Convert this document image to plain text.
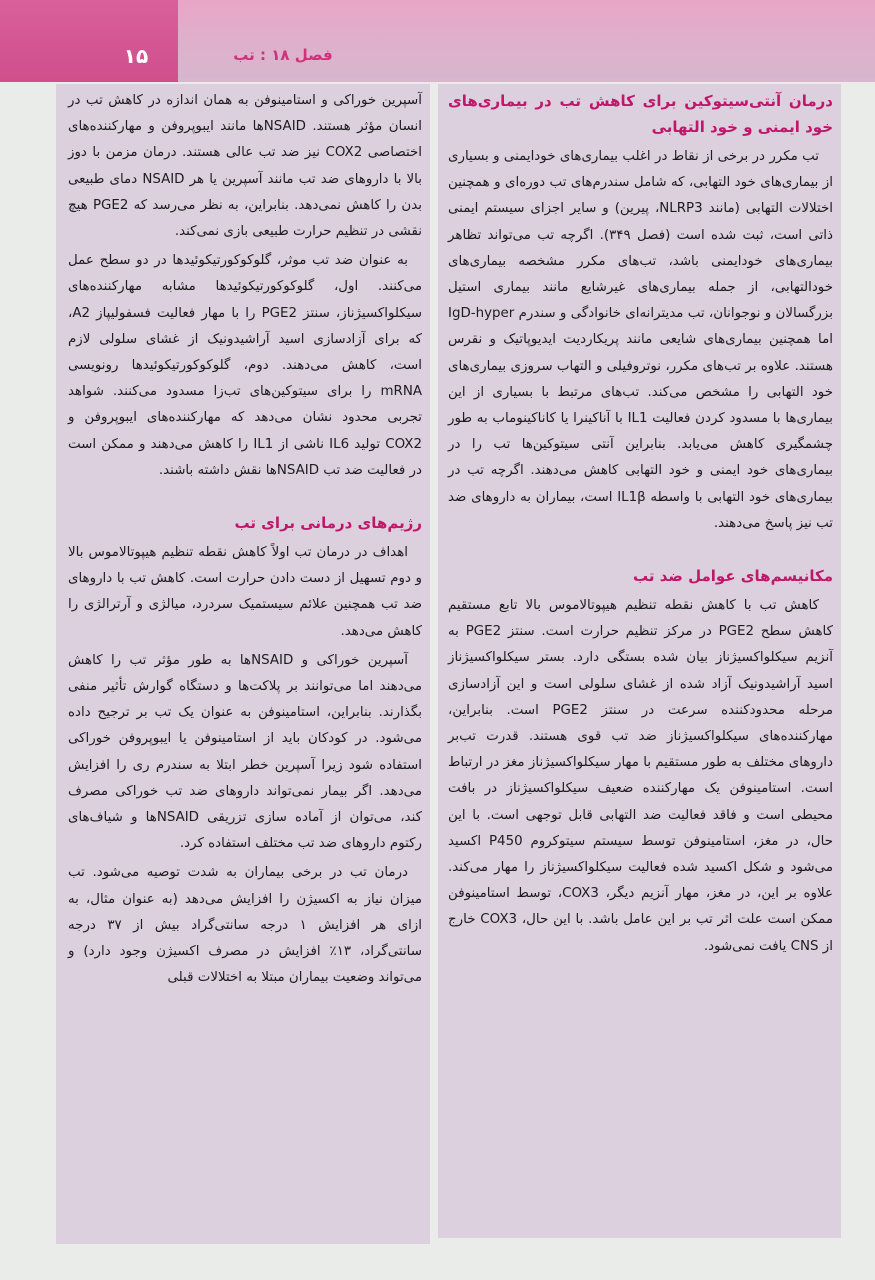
۱۵	فصل ۱۸ : تب
درمان آنتی‌سیتوکین برای کاهش تب در بیماری‌های خود ایمنی و خود التهابی

تب مکرر در برخی از نقاط در اغلب بیماری‌های خودایمنی و بسیاری از بیماری‌های خود التهابی، که شامل سندرم‌های تب دوره‌ای و همچنین اختلالات التهابی (مانند NLRP3، پیرین) و سایر اجزای سیستم ایمنی ذاتی است، ثبت شده است (فصل ۳۴۹). اگرچه تب می‌تواند تظاهر بیماری‌های خودایمنی باشد، تب‌های مکرر مشخصه بیماری‌های خودالتهابی، از جمله بیماری‌های غیرشایع مانند بیماری استیل بزرگسالان و نوجوانان، تب مدیترانه‌ای خانوادگی و سندرم IgD-hyper اما همچنین بیماری‌های شایعی مانند پریکاردیت ایدیوپاتیک و نقرس هستند. علاوه بر تب‌های مکرر، نوتروفیلی و التهاب سروزی بیماری‌های خود التهابی را مشخص می‌کند. تب‌های مرتبط با بسیاری از این بیماری‌ها با مسدود کردن فعالیت IL1 با آناکینرا یا کاناکینوماب به طور چشمگیری کاهش می‌یابد. بنابراین آنتی سیتوکین‌ها تب را در بیماری‌های خود ایمنی و خود التهابی کاهش می‌دهند. اگرچه تب در بیماری‌های خود التهابی با واسطه IL1β است، بیماران به داروهای ضد تب نیز پاسخ می‌دهند.

مکانیسم‌های عوامل ضد تب

کاهش تب با کاهش نقطه تنظیم هیپوتالاموس بالا تابع مستقیم کاهش سطح PGE2 در مرکز تنظیم حرارت است. سنتز PGE2 به آنزیم سیکلواکسیژناز بیان شده بستگی دارد. بستر سیکلواکسیژناز اسید آراشیدونیک آزاد شده از غشای سلولی است و این آزادسازی مرحله محدودکننده سرعت در سنتز PGE2 است. بنابراین، مهارکننده‌های سیکلواکسیژناز ضد تب قوی هستند. قدرت تب‌بر داروهای مختلف به طور مستقیم با مهار سیکلواکسیژناز مغز در ارتباط است. استامینوفن یک مهارکننده ضعیف سیکلواکسیژناز در بافت محیطی است و فاقد فعالیت ضد التهابی قابل توجهی است. با این حال، در مغز، استامینوفن توسط سیستم سیتوکروم P450 اکسید می‌شود و شکل اکسید شده فعالیت سیکلواکسیژناز را مهار می‌کند. علاوه بر این، در مغز، مهار آنزیم دیگر، COX3، توسط استامینوفن ممکن است علت اثر تب بر این عامل باشد. با این حال، COX3 خارج از CNS یافت نمی‌شود.

آسپرین خوراکی و استامینوفن به همان اندازه در کاهش تب در انسان مؤثر هستند. NSAIDها مانند ایبوپروفن و مهارکننده‌های اختصاصی COX2 نیز ضد تب عالی هستند. درمان مزمن با دوز بالا با داروهای ضد تب مانند آسپرین یا هر NSAID دمای طبیعی بدن را کاهش نمی‌دهد. بنابراین، به نظر می‌رسد که PGE2 هیچ نقشی در تنظیم حرارت طبیعی بازی نمی‌کند.

به عنوان ضد تب موثر، گلوکوکورتیکوئیدها در دو سطح عمل می‌کنند. اول، گلوکوکورتیکوئیدها مشابه مهارکننده‌های سیکلواکسیژناز، سنتز PGE2 را با مهار فعالیت فسفولیپاز A2، که برای آزادسازی اسید آراشیدونیک از غشای سلولی لازم است، کاهش می‌دهند. دوم، گلوکوکورتیکوئیدها رونویسی mRNA را برای سیتوکین‌های تب‌زا مسدود می‌کنند. شواهد تجربی محدود نشان می‌دهد که مهارکننده‌های ایبوپروفن و COX2 تولید IL6 ناشی از IL1 را کاهش می‌دهند و ممکن است در فعالیت ضد تب NSAIDها نقش داشته باشند.

رژیم‌های درمانی برای تب

اهداف در درمان تب اولاً کاهش نقطه تنظیم هیپوتالاموس بالا و دوم تسهیل از دست دادن حرارت است. کاهش تب با داروهای ضد تب همچنین علائم سیستمیک سردرد، میالژی و آرترالژی را کاهش می‌دهد.

آسپرین خوراکی و NSAIDها به طور مؤثر تب را کاهش می‌دهند اما می‌توانند بر پلاکت‌ها و دستگاه گوارش تأثیر منفی بگذارند. بنابراین، استامینوفن به عنوان یک تب بر ترجیح داده می‌شود. در کودکان باید از استامینوفن یا ایبوپروفن خوراکی استفاده شود زیرا آسپرین خطر ابتلا به سندرم ری را افزایش می‌دهد. اگر بیمار نمی‌تواند داروهای ضد تب خوراکی مصرف کند، می‌توان از آماده سازی تزریقی NSAIDها و شیاف‌های رکتوم داروهای ضد تب مختلف استفاده کرد.

درمان تب در برخی بیماران به شدت توصیه می‌شود. تب میزان نیاز به اکسیژن را افزایش می‌دهد (به عنوان مثال، به ازای هر افزایش ۱ درجه سانتی‌گراد بیش از ۳۷ درجه سانتی‌گراد، ۱۳٪ افزایش در مصرف اکسیژن وجود دارد) و می‌تواند وضعیت بیماران مبتلا به اختلالات قبلی
